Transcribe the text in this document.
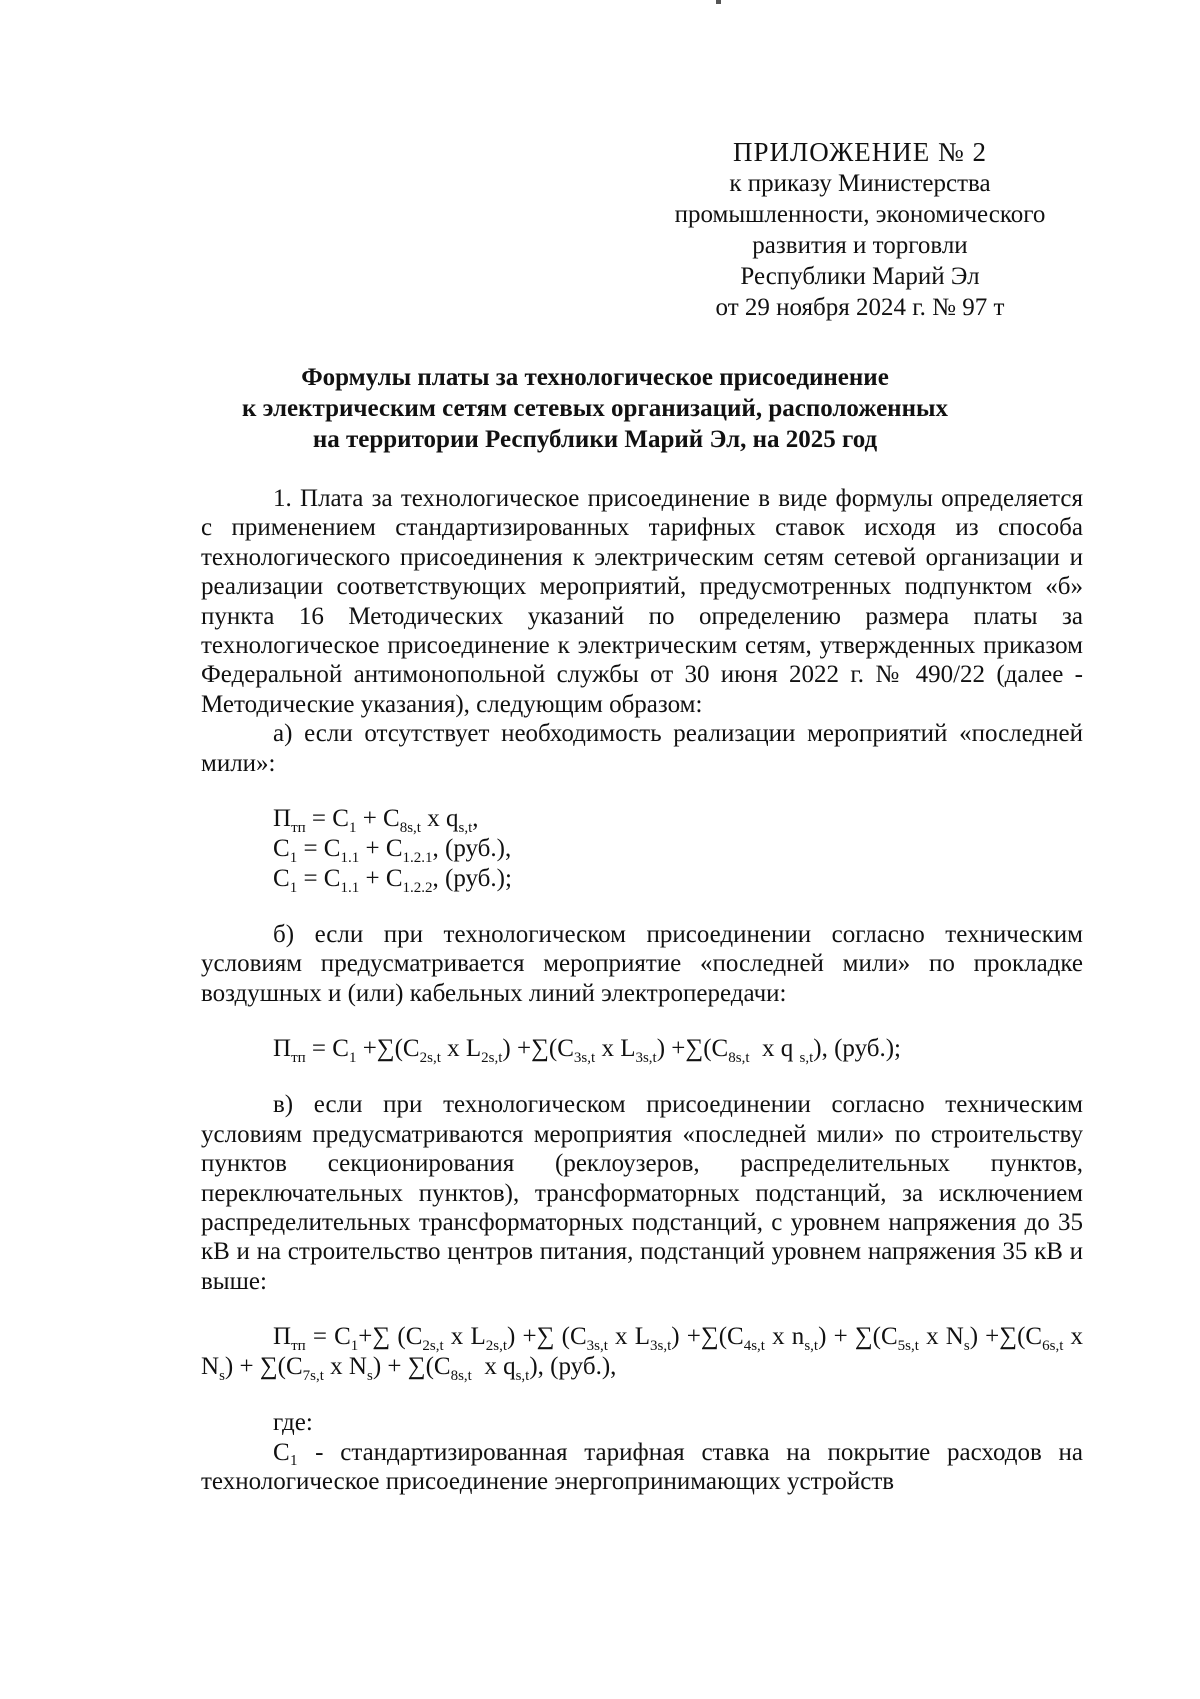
ПРИЛОЖЕНИЕ № 2
к приказу Министерства
промышленности, экономического
развития и торговли
Республики Марий Эл
от 29 ноября 2024 г. № 97 т
Формулы платы за технологическое присоединение
к электрическим сетям сетевых организаций, расположенных
на территории Республики Марий Эл, на 2025 год

1. Плата за технологическое присоединение в виде формулы определяется с применением стандартизированных тарифных ставок исходя из способа технологического присоединения к электрическим сетям сетевой организации и реализации соответствующих мероприятий, предусмотренных подпунктом «б» пункта 16 Методических указаний по определению размера платы за технологическое присоединение к электрическим сетям, утвержденных приказом Федеральной антимонопольной службы от 30 июня 2022 г. № 490/22 (далее - Методические указания), следующим образом:

а) если отсутствует необходимость реализации мероприятий «последней мили»:

$П_{тп} = С_1 + С_{8s,t}$ x $q_{s,t}$,
$С_1 = С_{1.1} + С_{1.2.1}$, (руб.),
$С_1 = С_{1.1} + С_{1.2.2}$, (руб.);

б) если при технологическом присоединении согласно техническим условиям предусматривается мероприятие «последней мили» по прокладке воздушных и (или) кабельных линий электропередачи:

$П_{тп} = С_1 +\sum(С_{2s,t}$ x $L_{2s,t}) +\sum(С_{3s,t}$ x $L_{3s,t}) +\sum(С_{8s,t}$  x q $_{s,t}$), (руб.);

в) если при технологическом присоединении согласно техническим условиям предусматриваются мероприятия «последней мили» по строительству пунктов секционирования (реклоузеров, распределительных пунктов, переключательных пунктов), трансформаторных подстанций, за исключением распределительных трансформаторных подстанций, с уровнем напряжения до 35 кВ и на строительство центров питания, подстанций уровнем напряжения 35 кВ и выше:

$П_{тп} = С_1+\sum$ ($С_{2s,t}$ x $L_{2s,t}$) +∑ ($С_{3s,t}$ x $L_{3s,t}) +\sum(С_{4s,t}$ x $n_{s,t}) + \sum(С_{5s,t}$ x $N_s) +\sum(С_{6s,t}$ x $N_s) + \sum(С_{7s,t}$ x $N_s) + \sum(С_{8s,t}$  x $q_{s,t}$), (руб.),

где:

С₁ - стандартизированная тарифная ставка на покрытие расходов на технологическое присоединение энергопринимающих устройств
